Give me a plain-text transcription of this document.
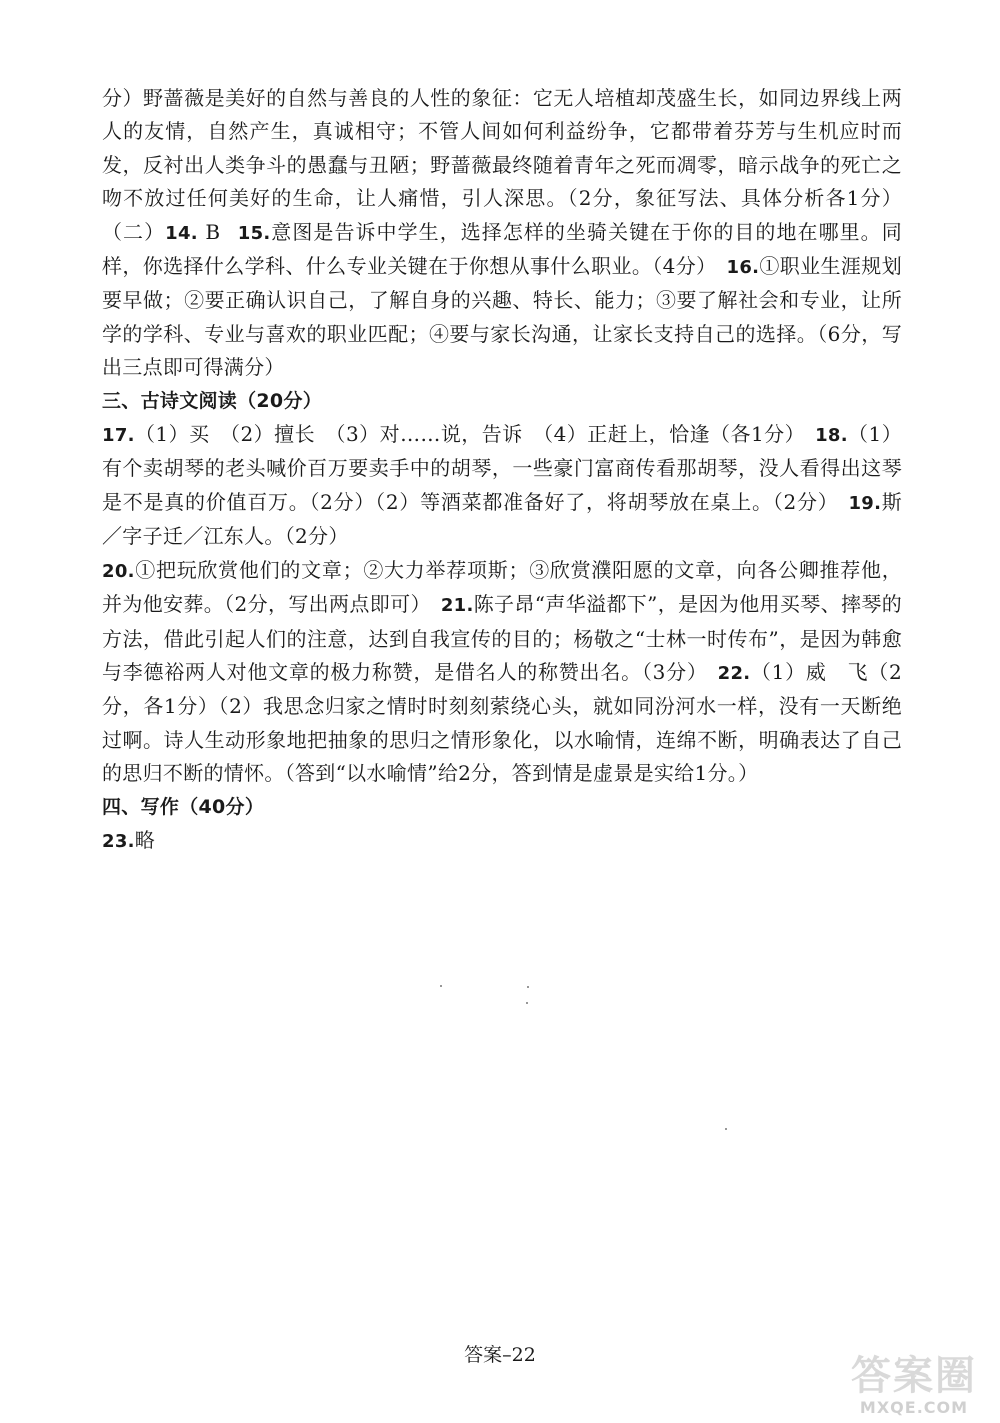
分）野蔷薇是美好的自然与善良的人性的象征：它无人培植却茂盛生长，如同边界线上两人的友情，自然产生，真诚相守；不管人间如何利益纷争，它都带着芬芳与生机应时而发，反衬出人类争斗的愚蠢与丑陋；野蔷薇最终随着青年之死而凋零，暗示战争的死亡之吻不放过任何美好的生命，让人痛惜，引人深思。（2分，象征写法、具体分析各1分）（二）14. B 15.意图是告诉中学生，选择怎样的坐骑关键在于你的目的地在哪里。同样，你选择什么学科、什么专业关键在于你想从事什么职业。（4分） 16.①职业生涯规划要早做；②要正确认识自己，了解自身的兴趣、特长、能力；③要了解社会和专业，让所学的学科、专业与喜欢的职业匹配；④要与家长沟通，让家长支持自己的选择。（6分，写出三点即可得满分）

三、古诗文阅读（20分）

17.（1）买　（2）擅长　（3）对……说，告诉　（4）正赶上，恰逢（各1分） 18.（1）有个卖胡琴的老头喊价百万要卖手中的胡琴，一些豪门富商传看那胡琴，没人看得出这琴是不是真的价值百万。（2分）（2）等酒菜都准备好了，将胡琴放在桌上。（2分） 19.斯／字子迁／江东人。（2分）

20.①把玩欣赏他们的文章；②大力举荐项斯；③欣赏濮阳愿的文章，向各公卿推荐他，并为他安葬。（2分，写出两点即可） 21.陈子昂“声华溢都下”，是因为他用买琴、摔琴的方法，借此引起人们的注意，达到自我宣传的目的；杨敬之“士林一时传布”，是因为韩愈与李德裕两人对他文章的极力称赞，是借名人的称赞出名。（3分） 22.（1）威　飞（2分，各1分）（2）我思念归家之情时时刻刻萦绕心头，就如同汾河水一样，没有一天断绝过啊。诗人生动形象地把抽象的思归之情形象化，以水喻情，连绵不断，明确表达了自己的思归不断的情怀。（答到“以水喻情”给2分，答到情是虚景是实给1分。）

四、写作（40分）

23.略

答案–22	答案圈
MXQE.COM
